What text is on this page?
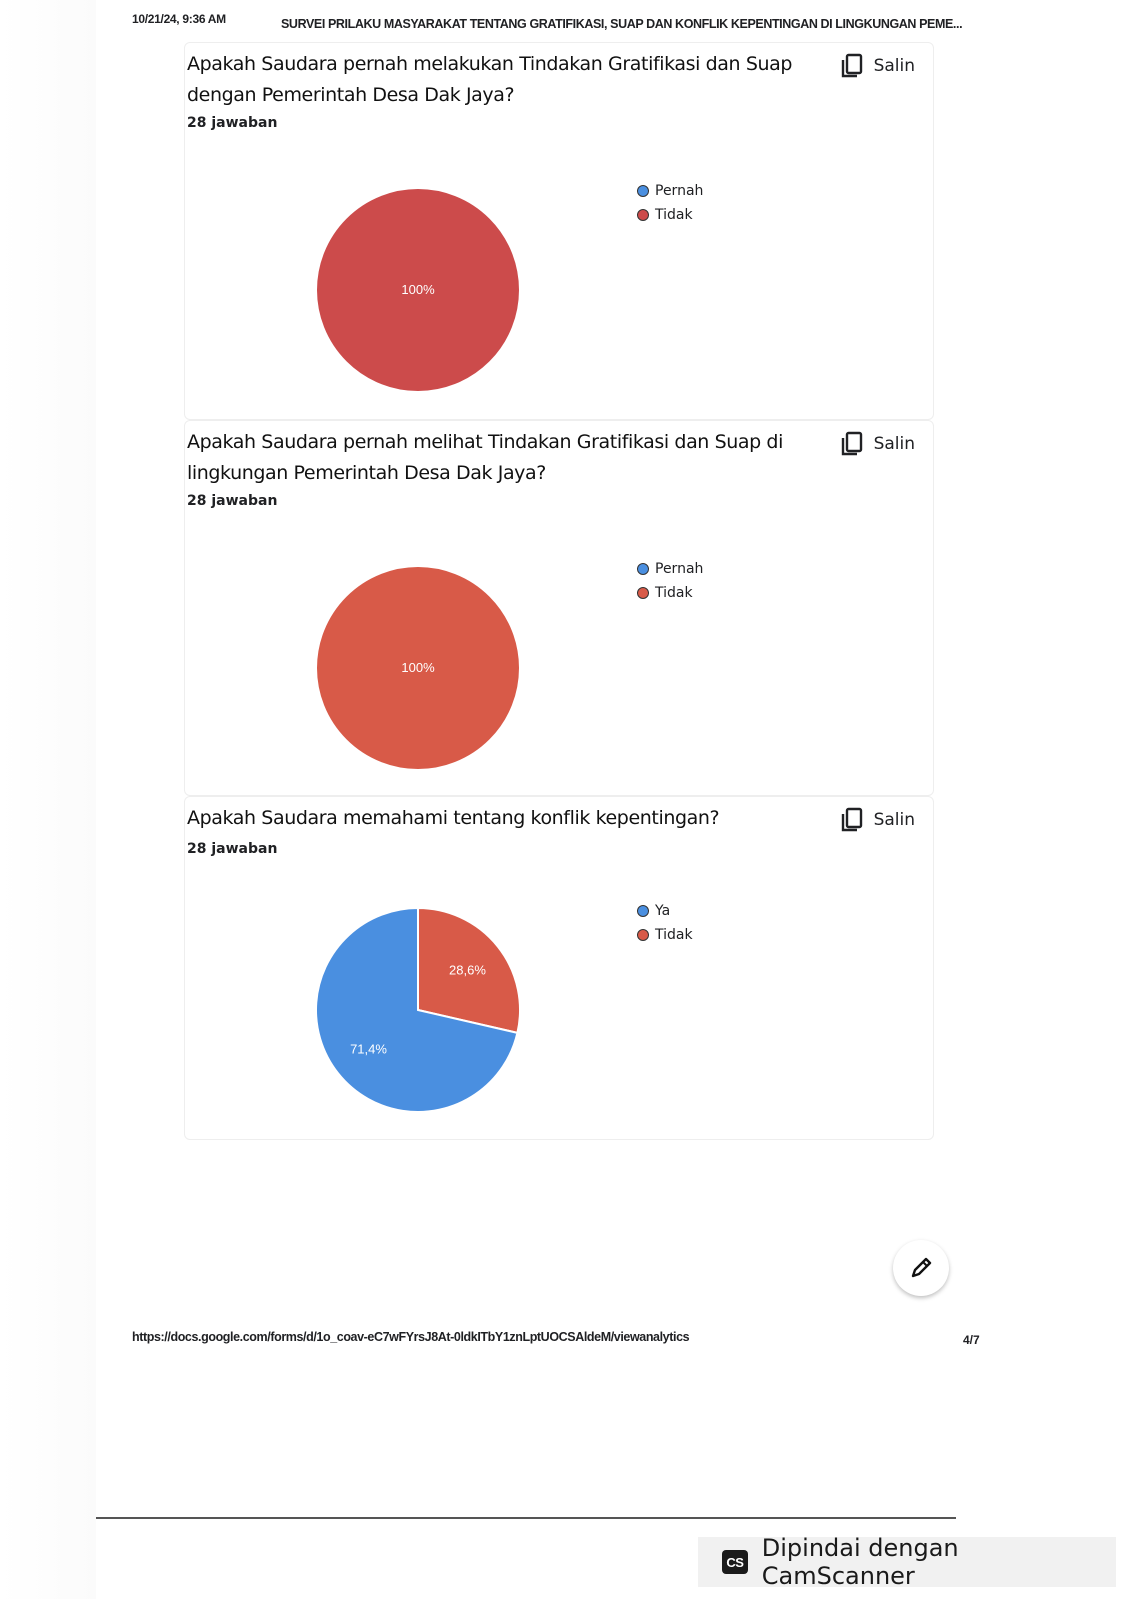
10/21/24, 9:36 AM	SURVEI PRILAKU MASYARAKAT TENTANG GRATIFIKASI, SUAP DAN KONFLIK KEPENTINGAN DI LINGKUNGAN PEME...
Apakah Saudara pernah melakukan Tindakan Gratifikasi dan Suap dengan Pemerintah Desa Dak Jaya?
Salin
28 jawaban
100%
Pernah
Tidak
Apakah Saudara pernah melihat Tindakan Gratifikasi dan Suap di lingkungan Pemerintah Desa Dak Jaya?
Salin
28 jawaban
100%
Pernah
Tidak
Apakah Saudara memahami tentang konflik kepentingan?	Salin
28 jawaban
28,6%
71,4%
Ya
Tidak
https://docs.google.com/forms/d/1o_coav-eC7wFYrsJ8At-0ldkITbY1znLptUOCSAldeM/viewanalytics	4/7
CS Dipindai dengan CamScanner
